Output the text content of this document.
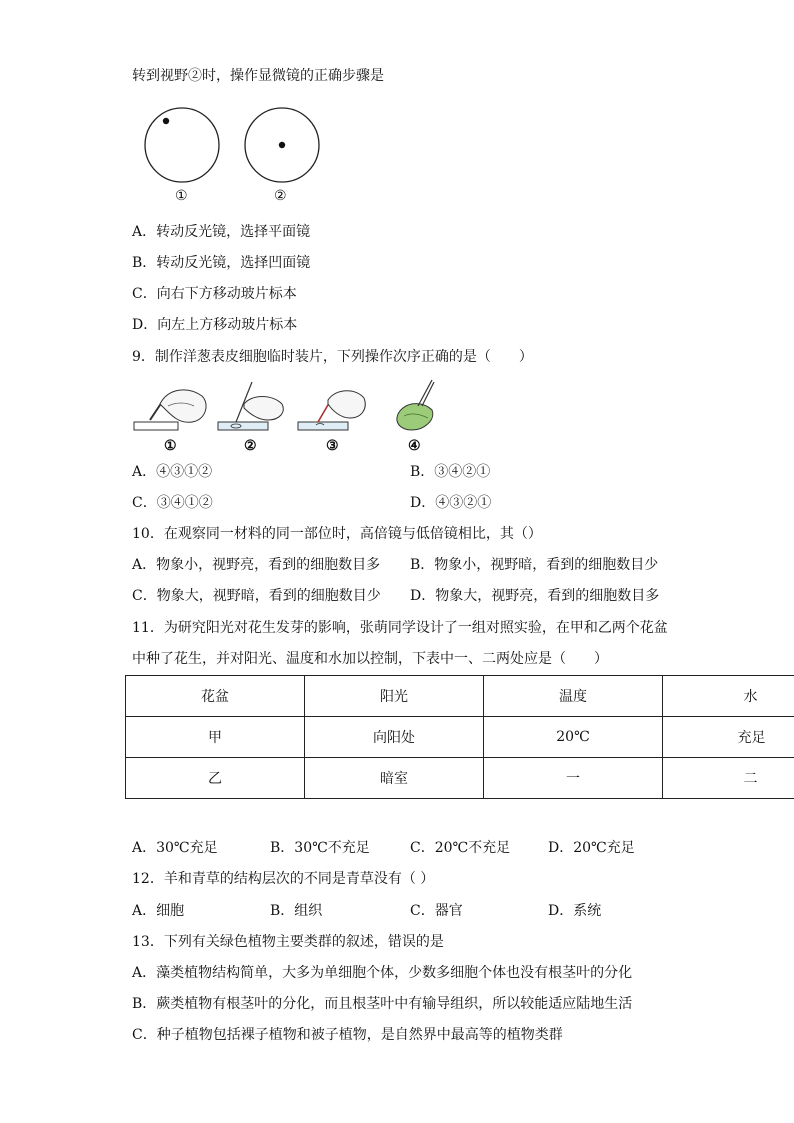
转到视野②时，操作显微镜的正确步骤是
①	②
A．转动反光镜，选择平面镜
B．转动反光镜，选择凹面镜
C．向右下方移动玻片标本
D．向左上方移动玻片标本
9．制作洋葱表皮细胞临时装片，下列操作次序正确的是（　　）
①	②	③	④
A．④③①②	B．③④②①
C．③④①②	D．④③②①
10．在观察同一材料的同一部位时，高倍镜与低倍镜相比，其（）
A．物象小，视野亮，看到的细胞数目多 B．物象小，视野暗，看到的细胞数目少
C．物象大，视野暗，看到的细胞数目少 D．物象大，视野亮，看到的细胞数目多
11．为研究阳光对花生发芽的影响，张萌同学设计了一组对照实验，在甲和乙两个花盆
中种了花生，并对阳光、温度和水加以控制，下表中一、二两处应是（　　）
花盆	阳光	温度	水
甲	向阳处	20℃	充足
乙	暗室	一	二
A．30℃充足	B．30℃不充足	C．20℃不充足	D．20℃充足
12．羊和青草的结构层次的不同是青草没有（ ）
A．细胞	B．组织	C．器官	D．系统
13．下列有关绿色植物主要类群的叙述，错误的是
A．藻类植物结构简单，大多为单细胞个体，少数多细胞个体也没有根茎叶的分化
B．蕨类植物有根茎叶的分化，而且根茎叶中有输导组织，所以较能适应陆地生活
C．种子植物包括裸子植物和被子植物，是自然界中最高等的植物类群
